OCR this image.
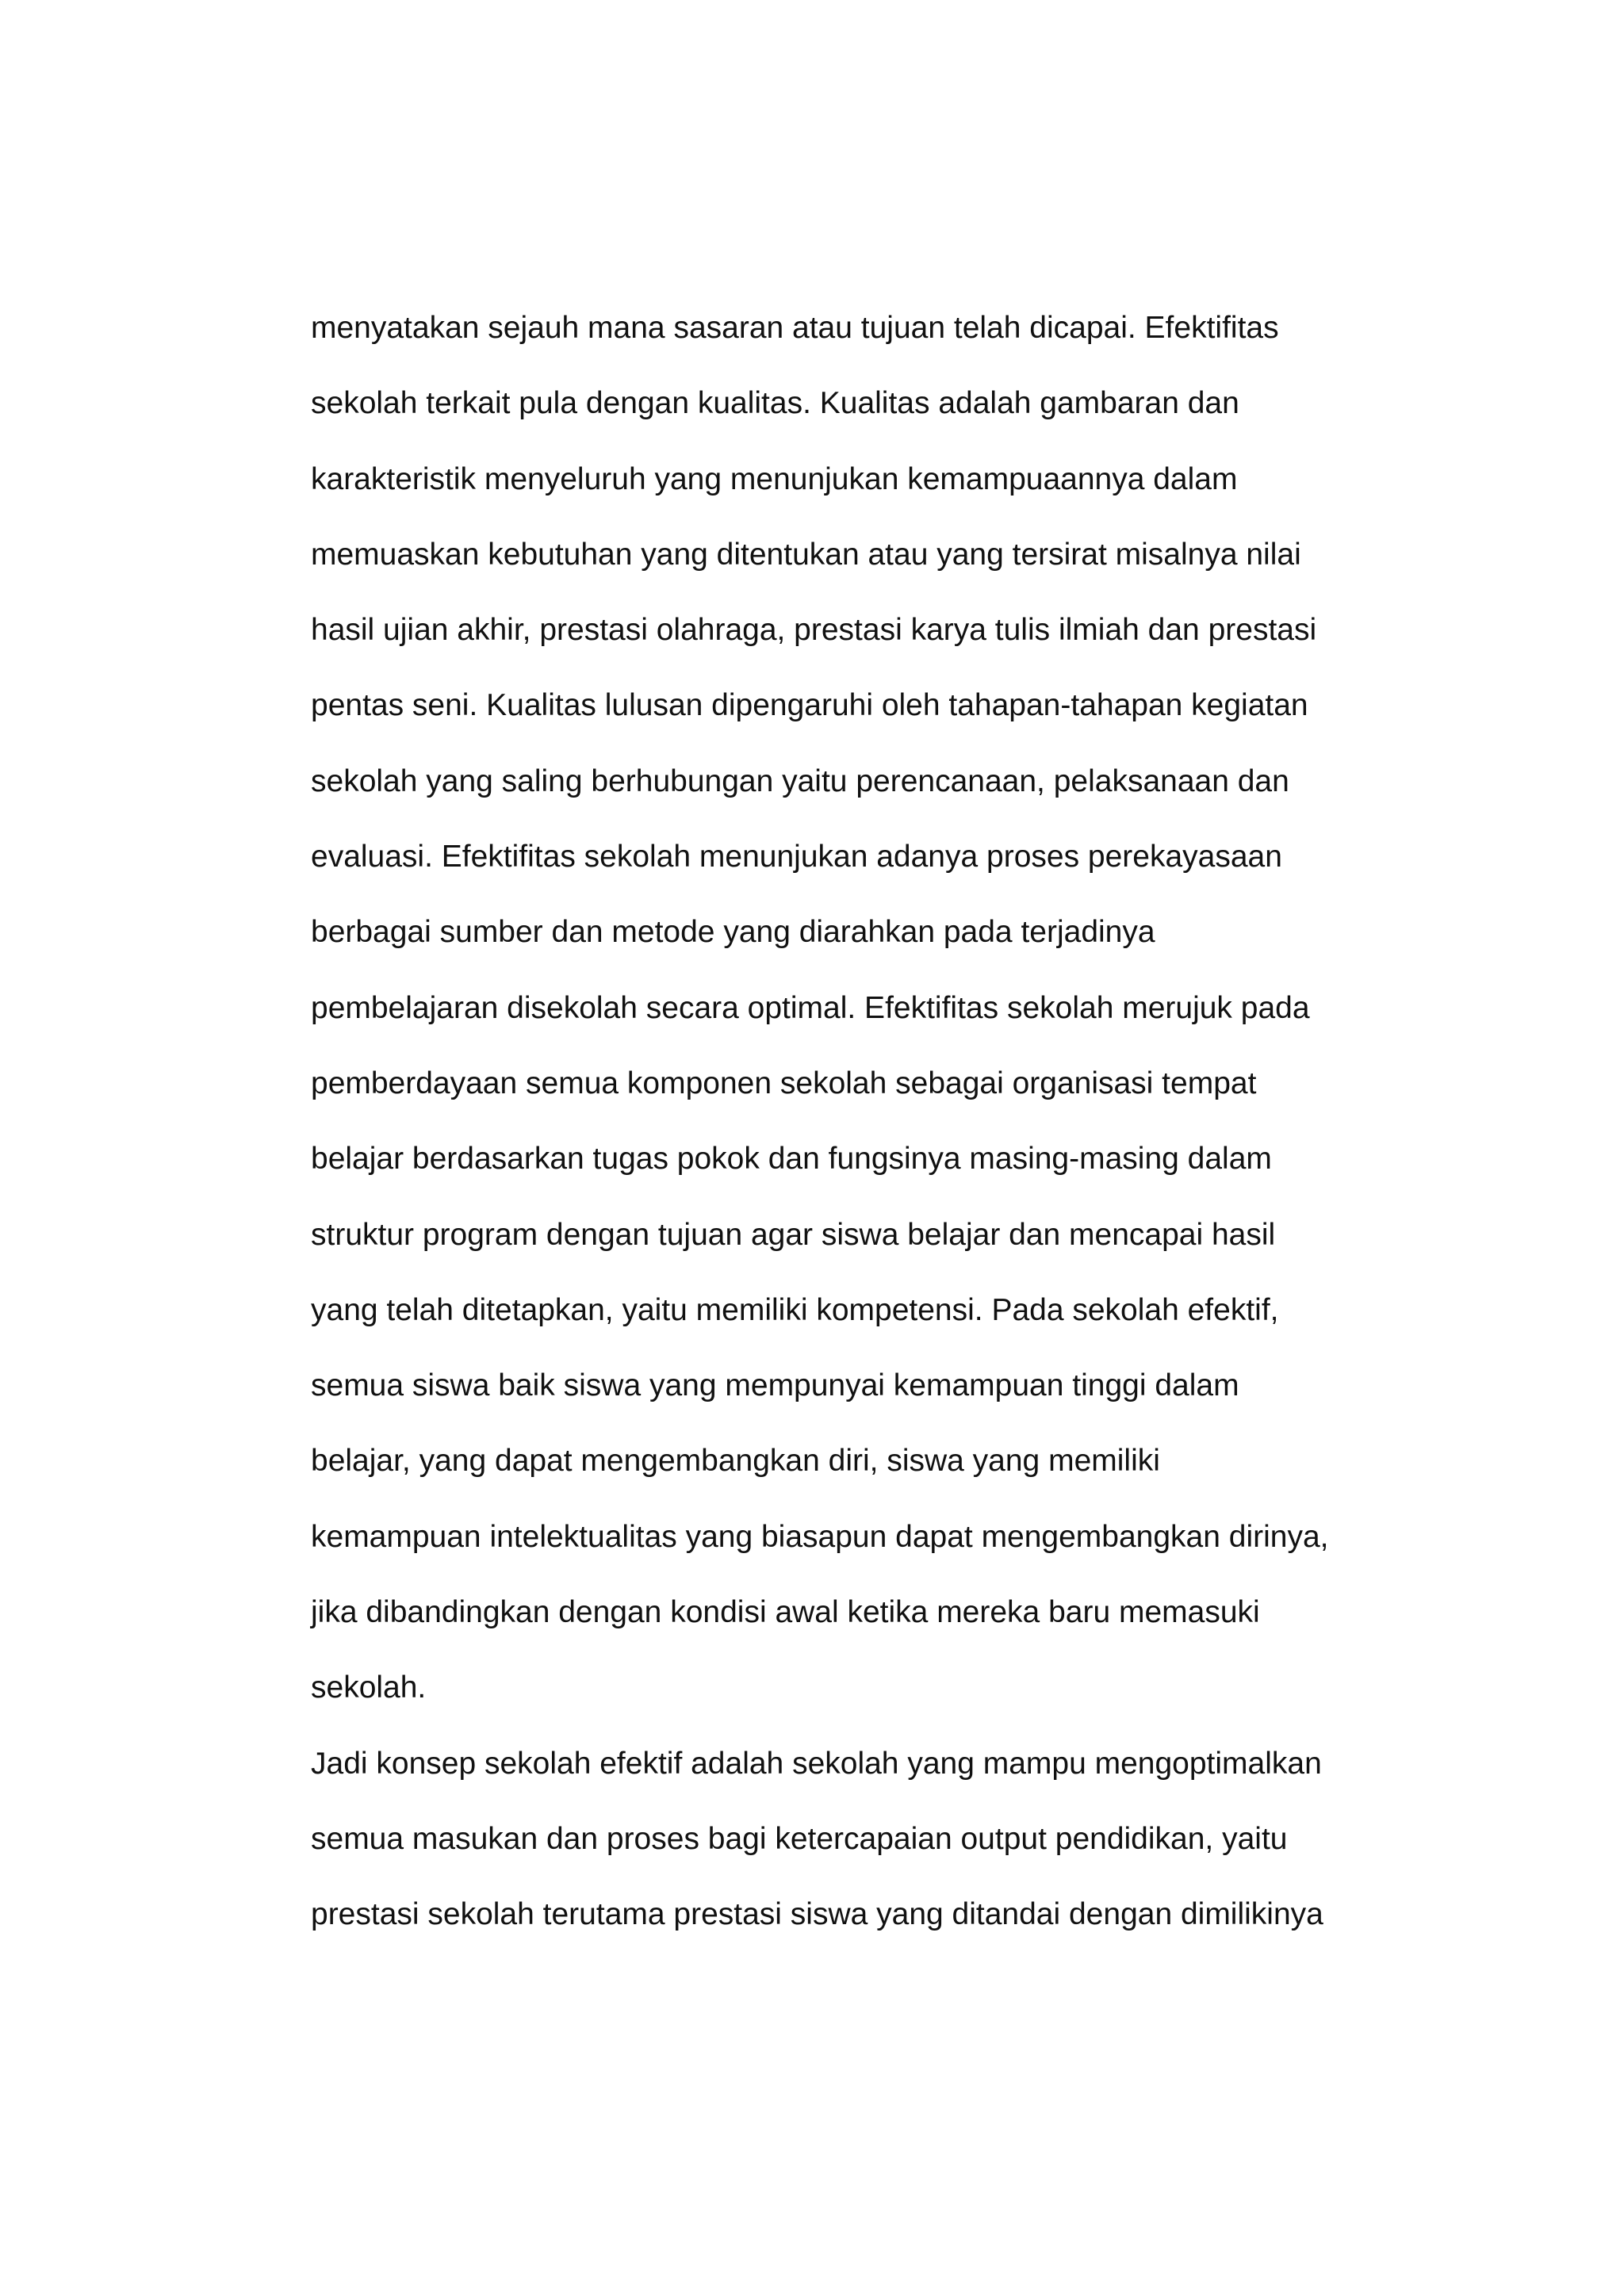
menyatakan sejauh mana sasaran atau tujuan telah dicapai. Efektifitas
sekolah terkait pula dengan kualitas. Kualitas adalah gambaran dan
karakteristik menyeluruh yang menunjukan kemampuaannya dalam
memuaskan kebutuhan yang ditentukan atau yang tersirat misalnya nilai
hasil ujian akhir, prestasi olahraga, prestasi karya tulis ilmiah dan prestasi
pentas seni. Kualitas lulusan dipengaruhi oleh tahapan-tahapan kegiatan
sekolah yang saling berhubungan yaitu perencanaan, pelaksanaan dan
evaluasi. Efektifitas sekolah menunjukan adanya proses perekayasaan
berbagai sumber dan metode yang diarahkan pada terjadinya
pembelajaran disekolah secara optimal. Efektifitas sekolah merujuk pada
pemberdayaan semua komponen sekolah sebagai organisasi tempat
belajar berdasarkan tugas pokok dan fungsinya masing-masing dalam
struktur program dengan tujuan agar siswa belajar dan mencapai hasil
yang telah ditetapkan, yaitu memiliki kompetensi. Pada sekolah efektif,
semua siswa baik siswa yang mempunyai kemampuan tinggi dalam
belajar, yang dapat mengembangkan diri, siswa yang memiliki
kemampuan intelektualitas yang biasapun dapat mengembangkan dirinya,
jika dibandingkan dengan kondisi awal ketika mereka baru memasuki
sekolah.
Jadi konsep sekolah efektif adalah sekolah yang mampu mengoptimalkan
semua masukan dan proses bagi ketercapaian output pendidikan, yaitu
prestasi sekolah terutama prestasi siswa yang ditandai dengan dimilikinya
